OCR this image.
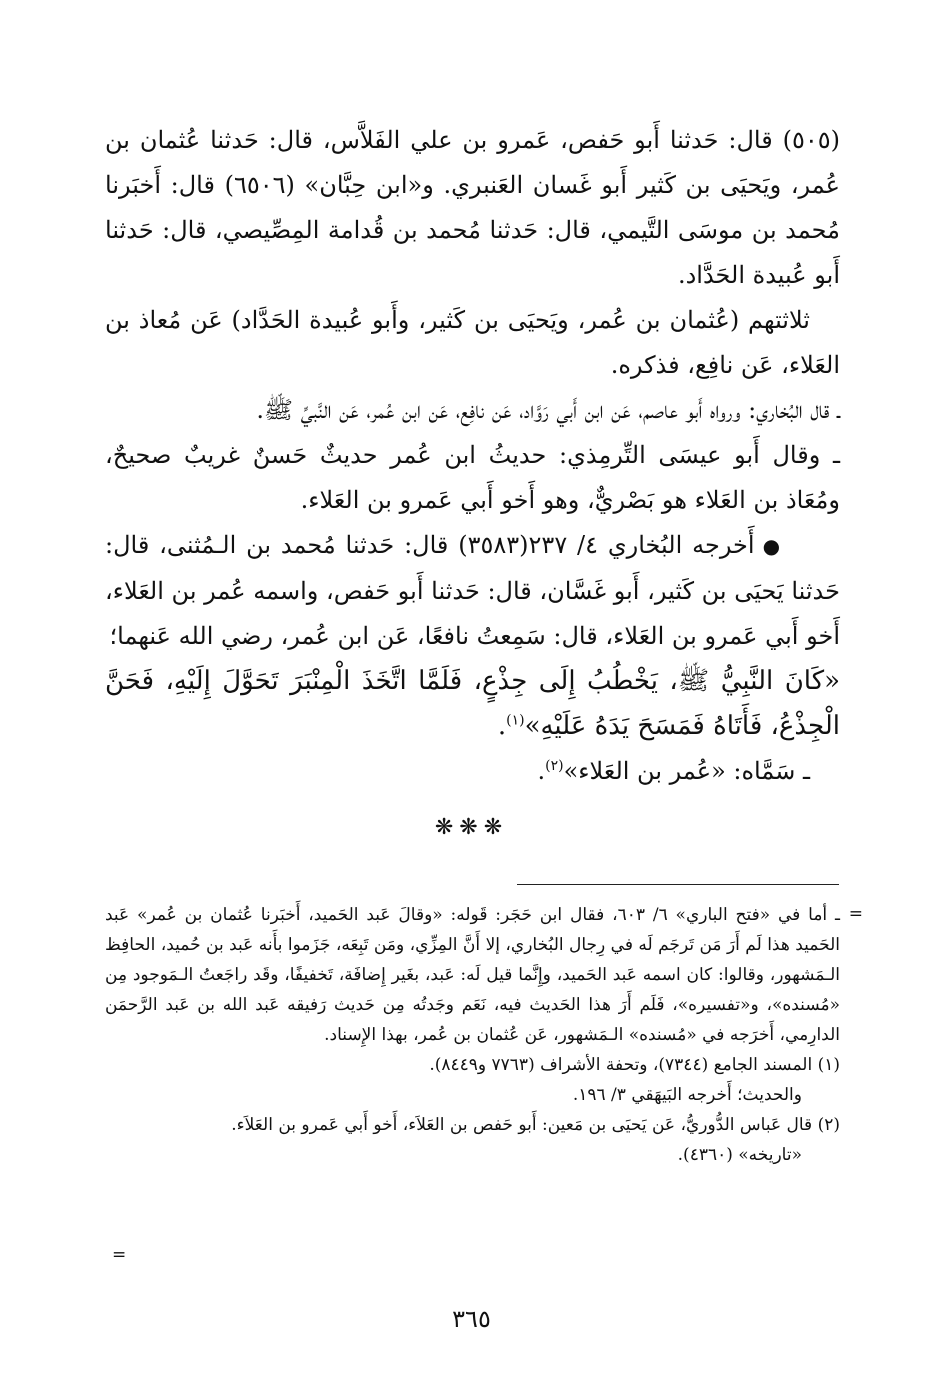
(٥٠٥) قال: حَدثنا أَبو حَفص، عَمرو بن علي الفَلاَّس، قال: حَدثنا عُثمان بن عُمر، ويَحيَى بن كَثير أَبو غَسان العَنبري. و«ابن حِبَّان» (٦٥٠٦) قال: أَخبَرنا مُحمد بن موسَى التَّيمي، قال: حَدثنا مُحمد بن قُدامة المِصِّيصي، قال: حَدثنا أَبو عُبيدة الحَدَّاد.

ثلاثتهم (عُثمان بن عُمر، ويَحيَى بن كَثير، وأَبو عُبيدة الحَدَّاد) عَن مُعاذ بن العَلاء، عَن نافِع، فذكره.

ـ قال البُخاري: ورواه أَبو عاصم، عَن ابن أَبي رَوَّاد، عَن نافِع، عَن ابن عُمر، عَن النَّبيِّ ﷺ.

ـ وقال أَبو عيسَى التِّرمِذي: حديثُ ابن عُمر حديثٌ حَسنٌ غريبٌ صحيحٌ، ومُعَاذ بن العَلاء هو بَصْريٌّ، وهو أَخو أَبي عَمرو بن العَلاء.

●أَخرجه البُخاري ٤/ ٢٣٧(٣٥٨٣) قال: حَدثنا مُحمد بن الـمُثنى، قال: حَدثنا يَحيَى بن كَثير، أَبو غَسَّان، قال: حَدثنا أَبو حَفص، واسمه عُمر بن العَلاء، أَخو أَبي عَمرو بن العَلاء، قال: سَمِعتُ نافعًا، عَن ابن عُمر، رضي الله عَنهما؛

«كَانَ النَّبِيُّ ﷺ، يَخْطُبُ إِلَى جِذْعٍ، فَلَمَّا اتَّخَذَ الْمِنْبَرَ تَحَوَّلَ إِلَيْهِ، فَحَنَّ الْجِذْعُ، فَأَتَاهُ فَمَسَحَ يَدَهُ عَلَيْهِ»$^{(١)}$.

ـ سَمَّاه: «عُمر بن العَلاء»$^{(٢)}$.

❋❋❋
=

ـ أما في «فتح الباري» ٦/ ٦٠٣، فقال ابن حَجَر: قَوله: «وقالَ عَبد الحَميد، أَخبَرنا عُثمان بن عُمر» عَبد الحَميد هذا لَم أَرَ مَن تَرجَم لَه في رِجال البُخاري، إلا أَنَّ المِزِّي، ومَن تَبِعَه، جَزَموا بأَنه عَبد بن حُميد، الحافِظ الـمَشهور، وقالوا: كان اسمه عَبد الحَميد، وإِنَّما قيل لَه: عَبد، بغَير إِضافَة، تَخفيفًا، وقَد راجَعتُ الـمَوجود مِن «مُسنده»، و«تفسيره»، فَلَم أَرَ هذا الحَديث فيه، نَعَم وجَدتُه مِن حَديث رَفيقه عَبد الله بن عَبد الرَّحمَن الدارِمي، أَخرَجه في «مُسنده» الـمَشهور، عَن عُثمان بن عُمر، بهذا الإِسناد.

(١) المسند الجامع (٧٣٤٤)، وتحفة الأشراف (٧٧٦٣ و٨٤٤٩).

والحديث؛ أَخرجه البَيهَقي ٣/ ١٩٦.

(٢) قال عَباس الدُّوريُّ، عَن يَحيَى بن مَعين: أَبو حَفص بن العَلاَء، أَخو أَبي عَمرو بن العَلاَء.

«تاريخه» (٤٣٦٠).

=
٣٦٥
